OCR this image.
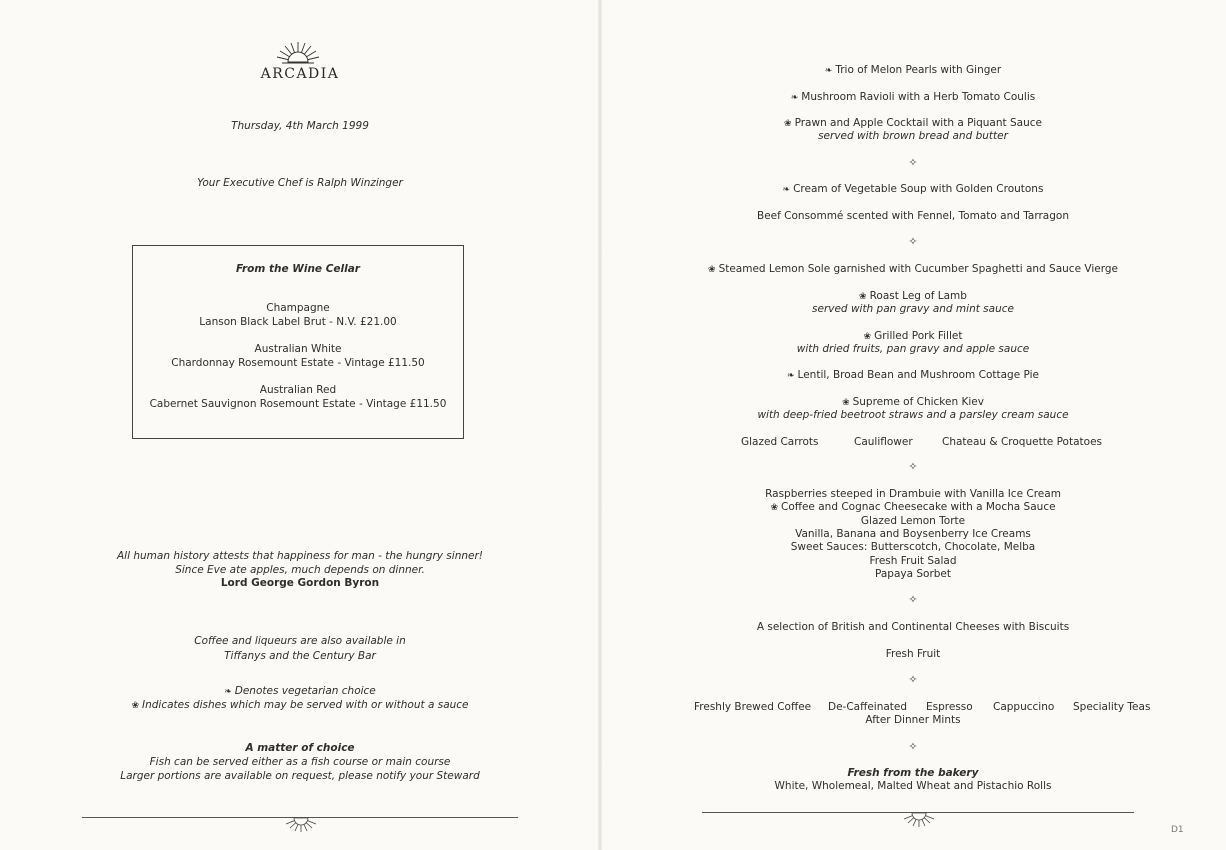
ARCADIA
Thursday, 4th March 1999
Your Executive Chef is Ralph Winzinger
From the Wine Cellar
Champagne
Lanson Black Label Brut - N.V. £21.00
Australian White
Chardonnay Rosemount Estate - Vintage £11.50
Australian Red
Cabernet Sauvignon Rosemount Estate - Vintage £11.50
All human history attests that happiness for man - the hungry sinner!
Since Eve ate apples, much depends on dinner.
Lord George Gordon Byron
Coffee and liqueurs are also available in
Tiffanys and the Century Bar
❧ Denotes vegetarian choice
❀ Indicates dishes which may be served with or without a sauce
A matter of choice
Fish can be served either as a fish course or main course
Larger portions are available on request, please notify your Steward
❧ Trio of Melon Pearls with Ginger
❧ Mushroom Ravioli with a Herb Tomato Coulis
❀ Prawn and Apple Cocktail with a Piquant Sauce
served with brown bread and butter
✧
❧ Cream of Vegetable Soup with Golden Croutons
Beef Consommé scented with Fennel, Tomato and Tarragon
✧
❀ Steamed Lemon Sole garnished with Cucumber Spaghetti and Sauce Vierge
❀ Roast Leg of Lamb
served with pan gravy and mint sauce
❀ Grilled Pork Fillet
with dried fruits, pan gravy and apple sauce
❧ Lentil, Broad Bean and Mushroom Cottage Pie
❀ Supreme of Chicken Kiev
with deep-fried beetroot straws and a parsley cream sauce
Glazed Carrots	Cauliflower	Chateau & Croquette Potatoes
✧
Raspberries steeped in Drambuie with Vanilla Ice Cream
❀ Coffee and Cognac Cheesecake with a Mocha Sauce
Glazed Lemon Torte
Vanilla, Banana and Boysenberry Ice Creams
Sweet Sauces: Butterscotch, Chocolate, Melba
Fresh Fruit Salad
Papaya Sorbet
✧
A selection of British and Continental Cheeses with Biscuits
Fresh Fruit
✧
Freshly Brewed Coffee De-Caffeinated Espresso Cappuccino Speciality Teas
After Dinner Mints
✧
Fresh from the bakery
White, Wholemeal, Malted Wheat and Pistachio Rolls
D1
